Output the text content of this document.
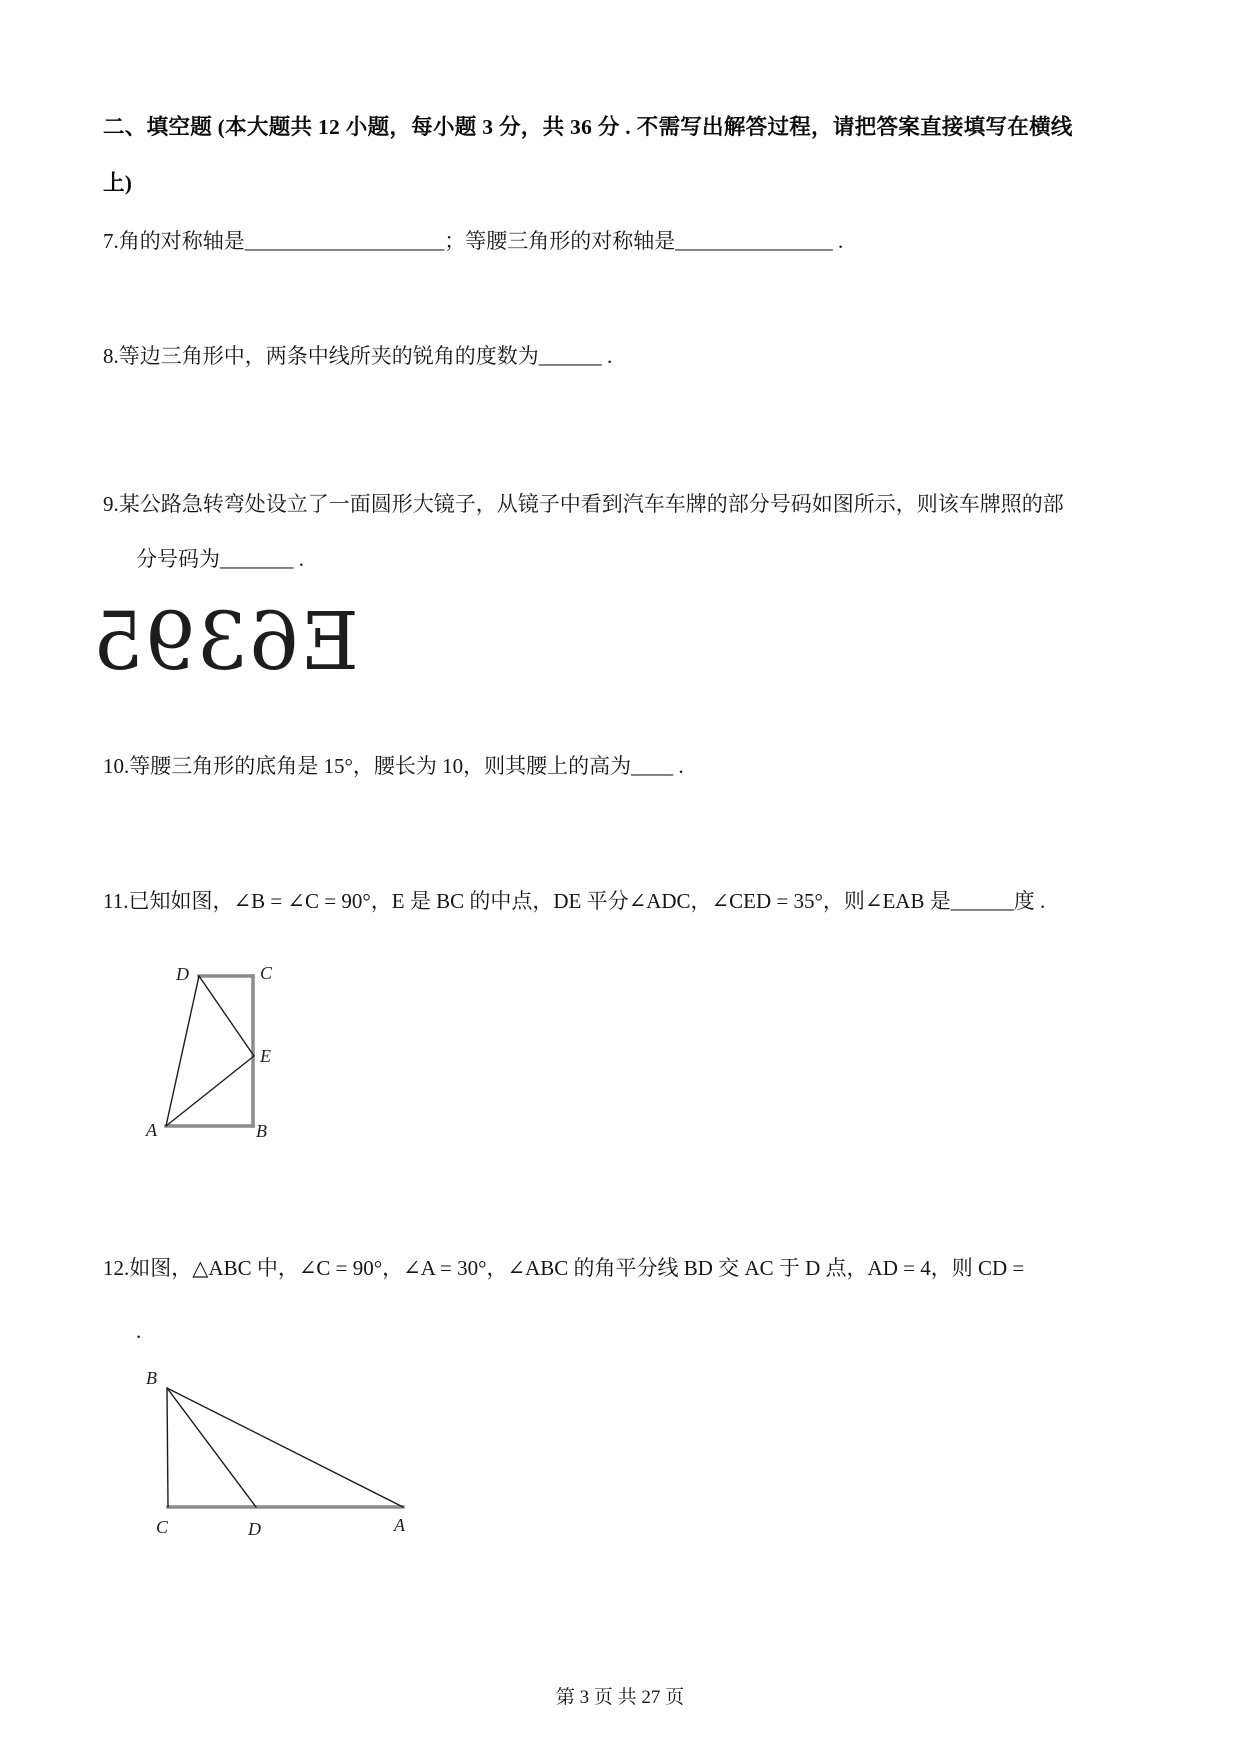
二、填空题 (本大题共 12 小题，每小题 3 分，共 36 分 . 不需写出解答过程，请把答案直接填写在横线
上)
7.角的对称轴是___________________；等腰三角形的对称轴是_______________ .
8.等边三角形中，两条中线所夹的锐角的度数为______ .
9.某公路急转弯处设立了一面圆形大镜子，从镜子中看到汽车车牌的部分号码如图所示，则该车牌照的部
分号码为_______ .
E6395
10.等腰三角形的底角是 15°，腰长为 10，则其腰上的高为____ .
11.已知如图，∠B = ∠C = 90°，E 是 BC 的中点，DE 平分∠ADC，∠CED = 35°，则∠EAB 是______度 .
D	C
E
A	B
12.如图，△ABC 中，∠C = 90°，∠A = 30°，∠ABC 的角平分线 BD 交 AC 于 D 点，AD = 4，则 CD =
.
B
C	D	A
第 3 页 共 27 页
